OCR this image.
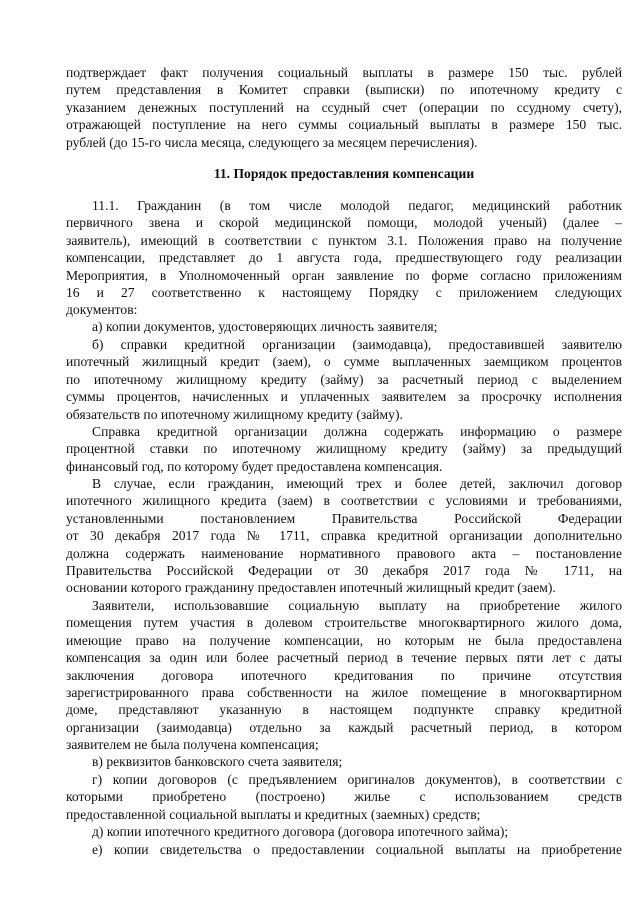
подтверждает факт получения социальный выплаты в размере 150 тыс. рублей
путем представления в Комитет справки (выписки) по ипотечному кредиту с
указанием денежных поступлений на ссудный счет (операции по ссудному счету),
отражающей поступление на него суммы социальный выплаты в размере 150 тыс.
рублей (до 15-го числа месяца, следующего за месяцем перечисления).
11. Порядок предоставления компенсации
11.1. Гражданин (в том числе молодой педагог, медицинский работник
первичного звена и скорой медицинской помощи, молодой ученый) (далее –
заявитель), имеющий в соответствии с пунктом 3.1. Положения право на получение
компенсации, представляет до 1 августа года, предшествующего году реализации
Мероприятия, в Уполномоченный орган заявление по форме согласно приложениям
16 и 27 соответственно к настоящему Порядку с приложением следующих
документов:
а) копии документов, удостоверяющих личность заявителя;
б) справки кредитной организации (заимодавца), предоставившей заявителю
ипотечный жилищный кредит (заем), о сумме выплаченных заемщиком процентов
по ипотечному жилищному кредиту (займу) за расчетный период с выделением
суммы процентов, начисленных и уплаченных заявителем за просрочку исполнения
обязательств по ипотечному жилищному кредиту (займу).
Справка кредитной организации должна содержать информацию о размере
процентной ставки по ипотечному жилищному кредиту (займу) за предыдущий
финансовый год, по которому будет предоставлена компенсация.
В случае, если гражданин, имеющий трех и более детей, заключил договор
ипотечного жилищного кредита (заем) в соответствии с условиями и требованиями,
установленными постановлением Правительства Российской Федерации
от 30 декабря 2017 года № 1711, справка кредитной организации дополнительно
должна содержать наименование нормативного правового акта – постановление
Правительства Российской Федерации от 30 декабря 2017 года № 1711, на
основании которого гражданину предоставлен ипотечный жилищный кредит (заем).
Заявители, использовавшие социальную выплату на приобретение жилого
помещения путем участия в долевом строительстве многоквартирного жилого дома,
имеющие право на получение компенсации, но которым не была предоставлена
компенсация за один или более расчетный период в течение первых пяти лет с даты
заключения договора ипотечного кредитования по причине отсутствия
зарегистрированного права собственности на жилое помещение в многоквартирном
доме, представляют указанную в настоящем подпункте справку кредитной
организации (заимодавца) отдельно за каждый расчетный период, в котором
заявителем не была получена компенсация;
в) реквизитов банковского счета заявителя;
г) копии договоров (с предъявлением оригиналов документов), в соответствии с
которыми приобретено (построено) жилье с использованием средств
предоставленной социальной выплаты и кредитных (заемных) средств;
д) копии ипотечного кредитного договора (договора ипотечного займа);
е) копии свидетельства о предоставлении социальной выплаты на приобретение
